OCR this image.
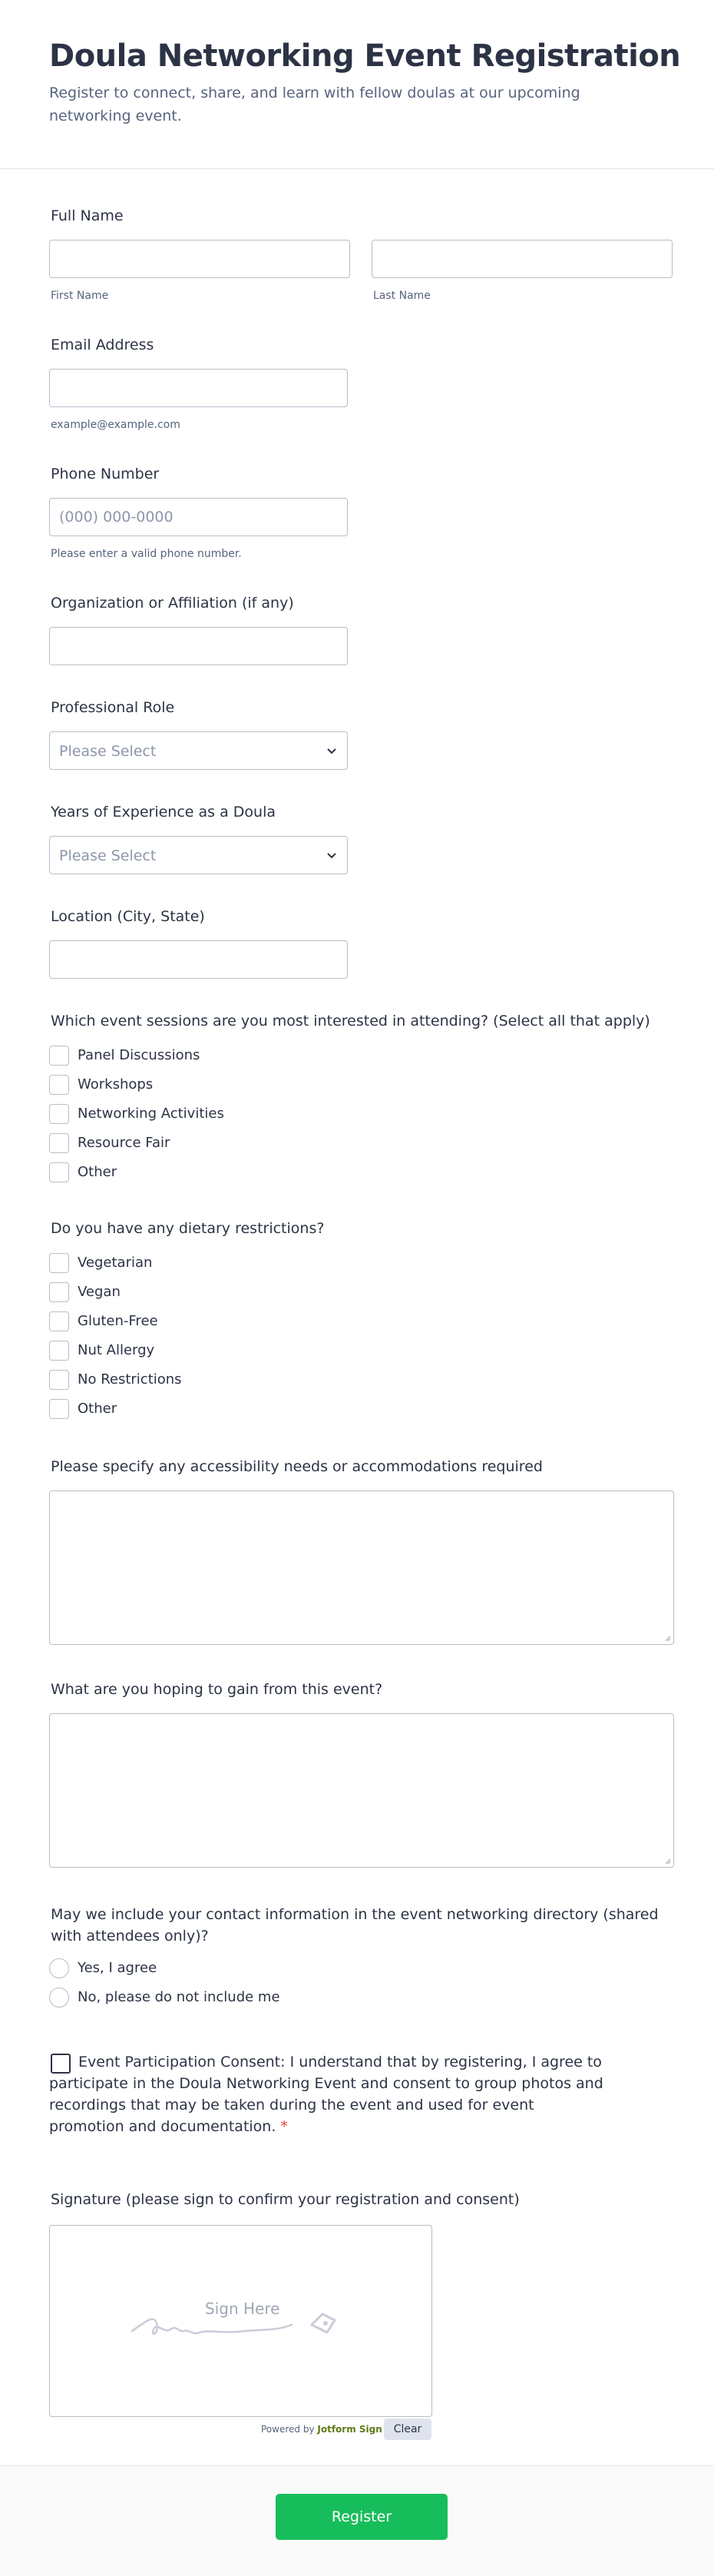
Doula Networking Event Registration
Register to connect, share, and learn with fellow doulas at our upcoming networking event.
Full Name
First Name	Last Name
Email Address
example@example.com
Phone Number
(000) 000-0000
Please enter a valid phone number.
Organization or Affiliation (if any)
Professional Role
Please Select
Years of Experience as a Doula
Please Select
Location (City, State)
Which event sessions are you most interested in attending? (Select all that apply)
Panel Discussions
Workshops
Networking Activities
Resource Fair
Other
Do you have any dietary restrictions?
Vegetarian
Vegan
Gluten-Free
Nut Allergy
No Restrictions
Other
Please specify any accessibility needs or accommodations required
What are you hoping to gain from this event?
May we include your contact information in the event networking directory (shared with attendees only)?
Yes, I agree
No, please do not include me
Event Participation Consent: I understand that by registering, I agree to participate in the Doula Networking Event and consent to group photos and recordings that may be taken during the event and used for event promotion and documentation. *
Signature (please sign to confirm your registration and consent)
Sign Here
Powered by Jotform Sign	Clear
Register
